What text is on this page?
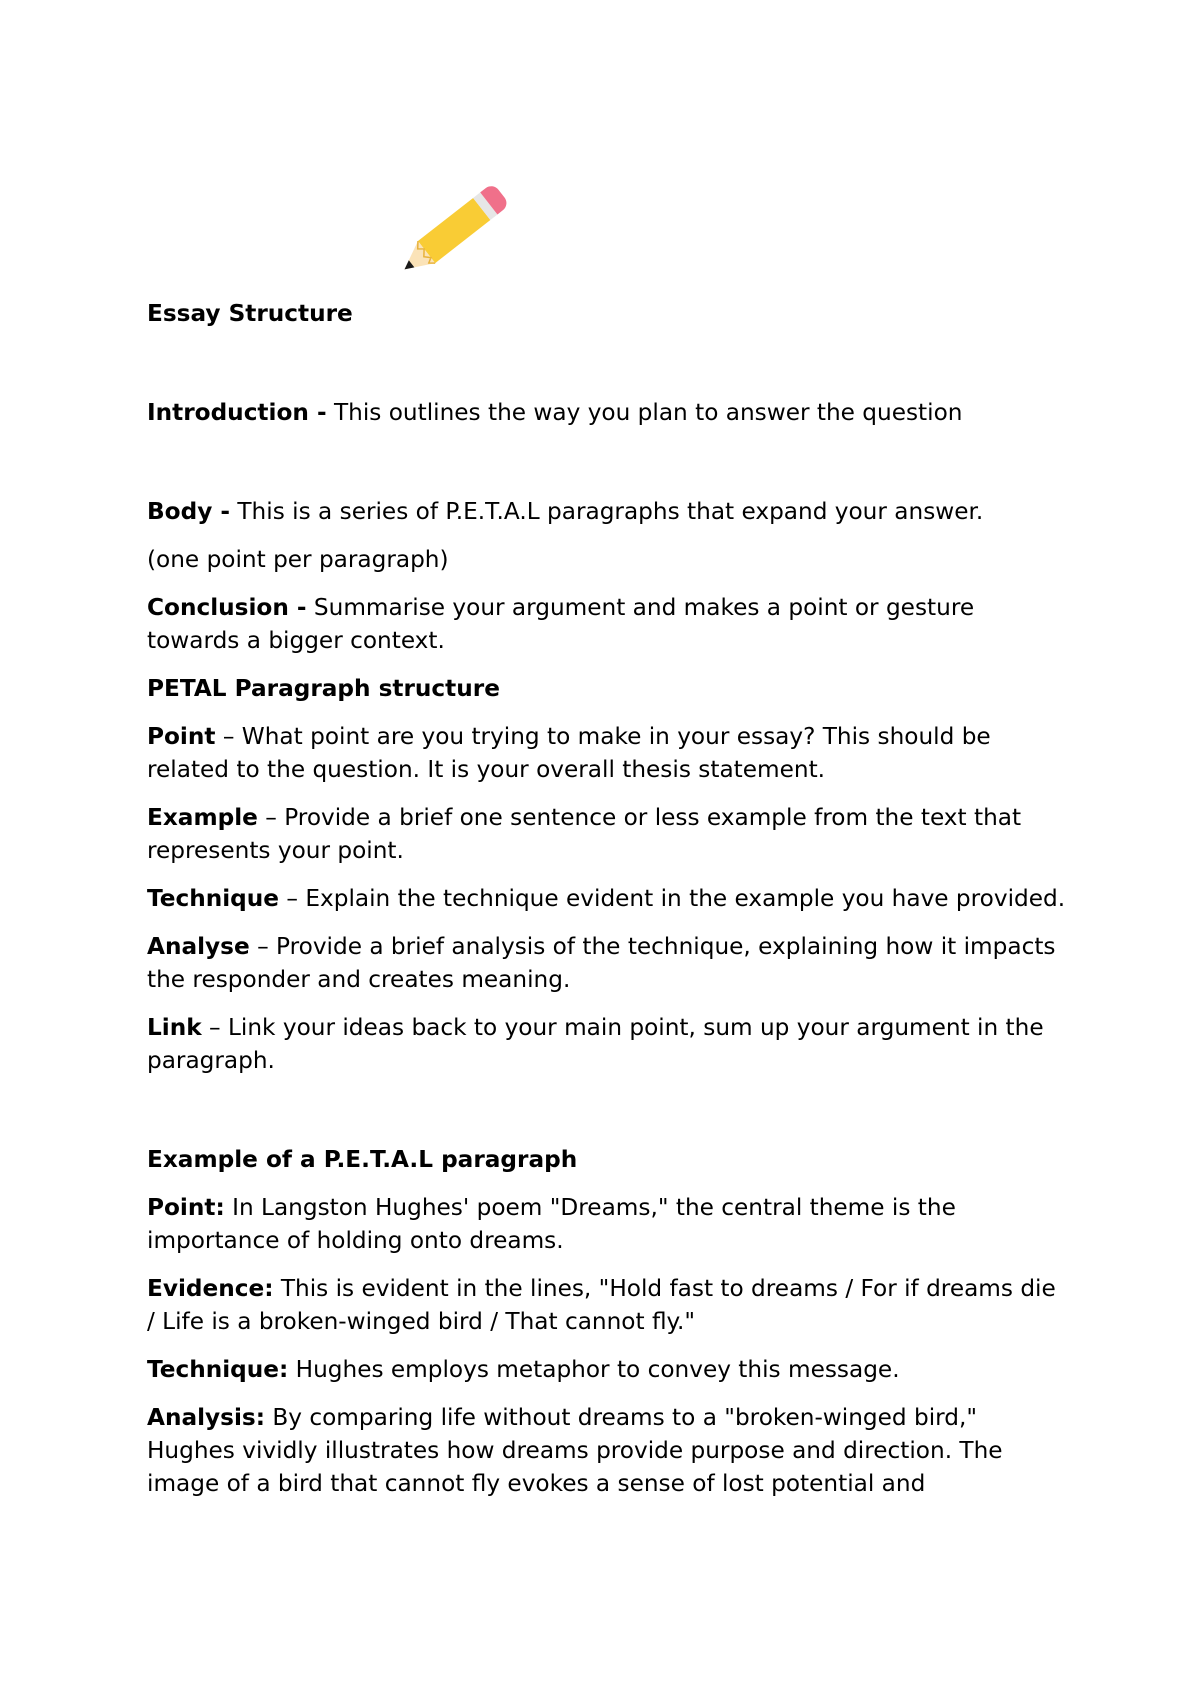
Essay Structure

Introduction - This outlines the way you plan to answer the question

Body - This is a series of P.E.T.A.L paragraphs that expand your answer.

(one point per paragraph)

Conclusion - Summarise your argument and makes a point or gesture towards a bigger context.

PETAL Paragraph structure

Point – What point are you trying to make in your essay? This should be related to the question. It is your overall thesis statement.

Example – Provide a brief one sentence or less example from the text that represents your point.

Technique – Explain the technique evident in the example you have provided.

Analyse – Provide a brief analysis of the technique, explaining how it impacts the responder and creates meaning.

Link – Link your ideas back to your main point, sum up your argument in the paragraph.

Example of a P.E.T.A.L paragraph

Point: In Langston Hughes' poem "Dreams," the central theme is the importance of holding onto dreams.

Evidence: This is evident in the lines, "Hold fast to dreams / For if dreams die / Life is a broken-winged bird / That cannot fly."

Technique: Hughes employs metaphor to convey this message.

Analysis: By comparing life without dreams to a "broken-winged bird," Hughes vividly illustrates how dreams provide purpose and direction. The image of a bird that cannot fly evokes a sense of lost potential and
